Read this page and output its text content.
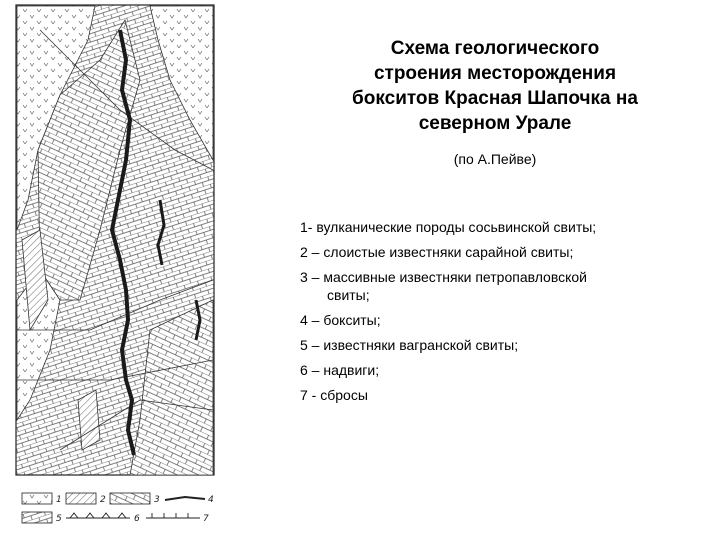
1	2	3	4
5	6	7
Схема геологического
строения месторождения
бокситов Красная Шапочка на
северном Урале
(по А.Пейве)
1- вулканические породы сосьвинской свиты;
2 – слоистые известняки сарайной свиты;
3 – массивные известняки петропавловской
свиты;
4 – бокситы;
5 – известняки вагранской свиты;
6 – надвиги;
7 - сбросы
